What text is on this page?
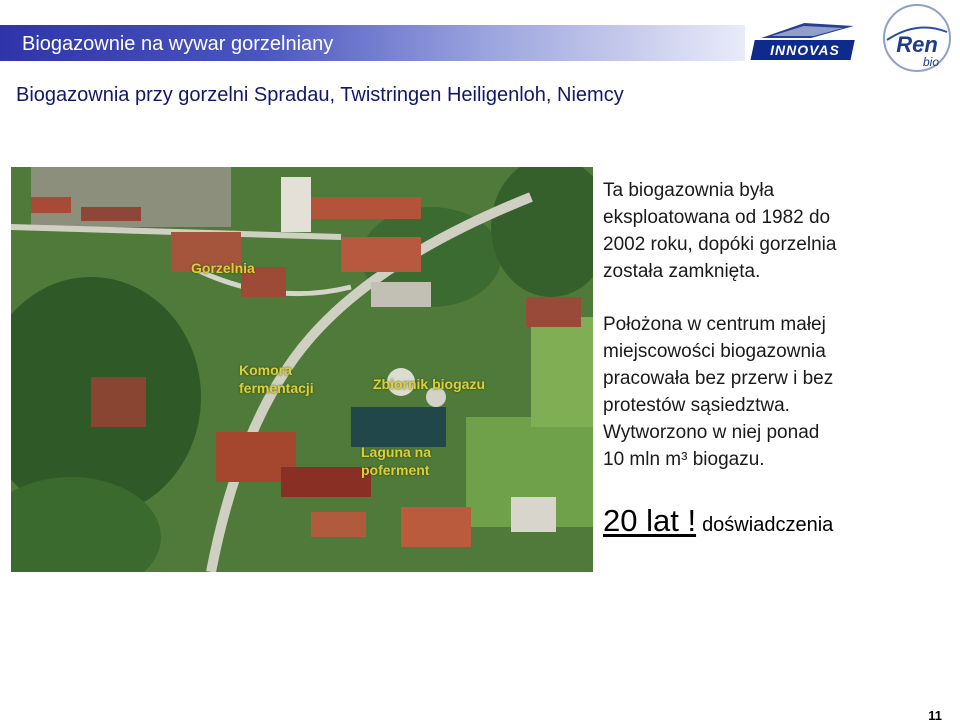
Biogazownie na wywar gorzelniany	INNOVAS	Ren
bio
Biogazownia przy gorzelni Spradau, Twistringen Heiligenloh, Niemcy
Gorzelnia
Komora
fermentacji	Zbiornik biogazu
Laguna na
poferment
Ta biogazownia była
eksploatowana od 1982 do
2002 roku, dopóki gorzelnia
została zamknięta.
Położona w centrum małej
miejscowości biogazownia
pracowała bez przerw i bez
protestów sąsiedztwa.
Wytworzono w niej ponad
10 mln m³ biogazu.
20 lat ! doświadczenia
11
